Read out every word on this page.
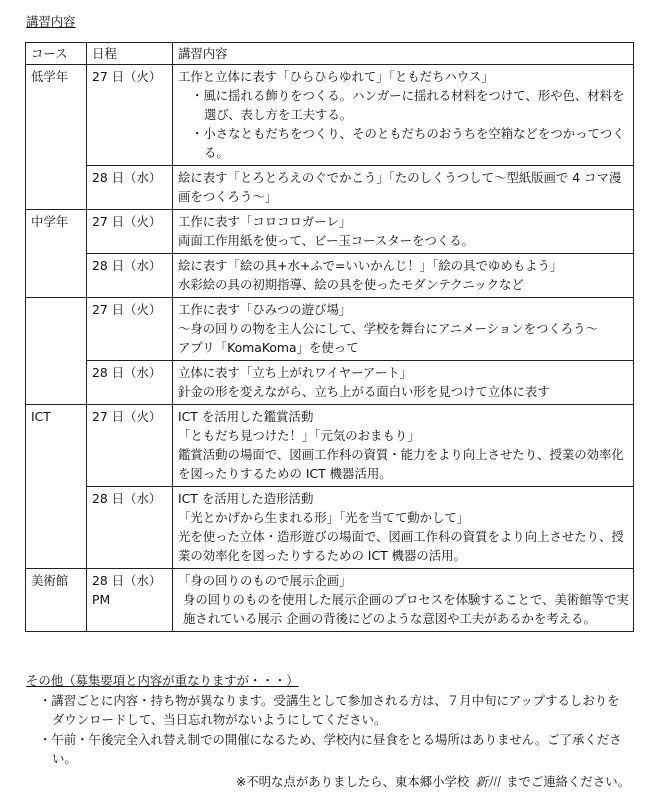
講習内容
コース	日程	講習内容
低学年	27 日（火）	工作と立体に表す「ひらひらゆれて」「ともだちハウス」
・風に揺れる飾りをつくる。ハンガーに揺れる材料をつけて、形や色、材料を選び、表し方を工夫する。
・小さなともだちをつくり、そのともだちのおうちを空箱などをつかってつくる。

	28 日（水）	絵に表す「とろとろえのぐでかこう」「たのしくうつして～型紙版画で 4 コマ漫画をつくろう～」

中学年	27 日（火）	工作に表す「コロコロガーレ」
両面工作用紙を使って、ビー玉コースターをつくる。

	28 日（水）	絵に表す「絵の具+水+ふで=いいかんじ！」「絵の具でゆめもよう」
水彩絵の具の初期指導、絵の具を使ったモダンテクニックなど

	27 日（火）	工作に表す「ひみつの遊び場」
～身の回りの物を主人公にして、学校を舞台にアニメーションをつくろう～
アプリ「KomaKoma」を使って

	28 日（水）	立体に表す「立ち上がれワイヤーアート」
針金の形を変えながら、立ち上がる面白い形を見つけて立体に表す

ICT	27 日（火）	ICT を活用した鑑賞活動
「ともだち見つけた！」「元気のおまもり」
鑑賞活動の場面で、図画工作科の資質・能力をより向上させたり、授業の効率化を図ったりするための ICT 機器活用。

	28 日（水）	ICT を活用した造形活動
「光とかげから生まれる形」「光を当てて動かして」
光を使った立体・造形遊びの場面で、図画工作科の資質をより向上させたり、授業の効率化を図ったりするための ICT 機器の活用。

美術館	28 日（水）PM	「身の回りのもので展示企画」
身の回りのものを使用した展示企画のプロセスを体験することで、美術館等で実施されている展示 企画の背後にどのような意図や工夫があるかを考える。
その他（募集要項と内容が重なりますが・・・）
・講習ごとに内容・持ち物が異なります。受講生として参加される方は、７月中旬にアップするしおりをダウンロードして、当日忘れ物がないようにしてください。
・午前・午後完全入れ替え制での開催になるため、学校内に昼食をとる場所はありません。ご了承ください。
※不明な点がありましたら、東本郷小学校 新川 までご連絡ください。
